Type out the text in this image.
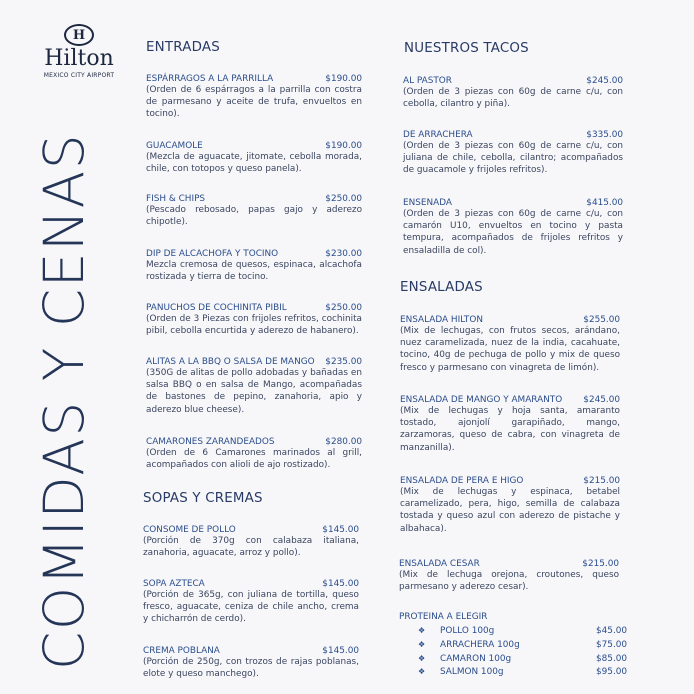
H
Hilton
MEXICO CITY AIRPORT
COMIDAS Y CENAS
ENTRADAS
ESPÁRRAGOS A LA PARRILLA	$190.00
(Orden de 6 espárragos a la parrilla con costra de parmesano y aceite de trufa, envueltos en tocino).
GUACAMOLE	$190.00
(Mezcla de aguacate, jitomate, cebolla morada, chile, con totopos y queso panela).
FISH & CHIPS	$250.00
(Pescado rebosado, papas gajo y aderezo chipotle).
DIP DE ALCACHOFA Y TOCINO	$230.00
Mezcla cremosa de quesos, espinaca, alcachofa rostizada y tierra de tocino.
PANUCHOS DE COCHINITA PIBIL	$250.00
(Orden de 3 Piezas con frijoles refritos, cochinita pibil, cebolla encurtida y aderezo de habanero).
ALITAS A LA BBQ O SALSA DE MANGO $235.00
(350G de alitas de pollo adobadas y bañadas en salsa BBQ o en salsa de Mango, acompañadas de bastones de pepino, zanahoria, apio y aderezo blue cheese).
CAMARONES ZARANDEADOS	$280.00
(Orden de 6 Camarones marinados al grill, acompañados con alioli de ajo rostizado).
SOPAS Y CREMAS
CONSOME DE POLLO	$145.00
(Porción de 370g con calabaza italiana, zanahoria, aguacate, arroz y pollo).
SOPA AZTECA	$145.00
(Porción de 365g, con juliana de tortilla, queso fresco, aguacate, ceniza de chile ancho, crema y chicharrón de cerdo).
CREMA POBLANA	$145.00
(Porción de 250g, con trozos de rajas poblanas, elote y queso manchego).
NUESTROS TACOS
AL PASTOR	$245.00
(Orden de 3 piezas con 60g de carne c/u, con cebolla, cilantro y piña).
DE ARRACHERA	$335.00
(Orden de 3 piezas con 60g de carne c/u, con juliana de chile, cebolla, cilantro; acompañados de guacamole y frijoles refritos).
ENSENADA	$415.00
(Orden de 3 piezas con 60g de carne c/u, con camarón U10, envueltos en tocino y pasta tempura, acompañados de frijoles refritos y ensaladilla de col).
ENSALADAS
ENSALADA HILTON	$255.00
(Mix de lechugas, con frutos secos, arándano, nuez caramelizada, nuez de la india, cacahuate, tocino, 40g de pechuga de pollo y mix de queso fresco y parmesano con vinagreta de limón).
ENSALADA DE MANGO Y AMARANTO $245.00
(Mix de lechugas y hoja santa, amaranto tostado, ajonjolí garapiñado, mango, zarzamoras, queso de cabra, con vinagreta de manzanilla).
ENSALADA DE PERA E HIGO	$215.00
(Mix de lechugas y espinaca, betabel caramelizado, pera, higo, semilla de calabaza tostada y queso azul con aderezo de pistache y albahaca).
ENSALADA CESAR	$215.00
(Mix de lechuga orejona, croutones, queso parmesano y aderezo cesar).
PROTEINA A ELEGIR
❖	POLLO 100g	$45.00
❖	ARRACHERA 100g	$75.00
❖	CAMARON 100g	$85.00
❖	SALMON 100g	$95.00
